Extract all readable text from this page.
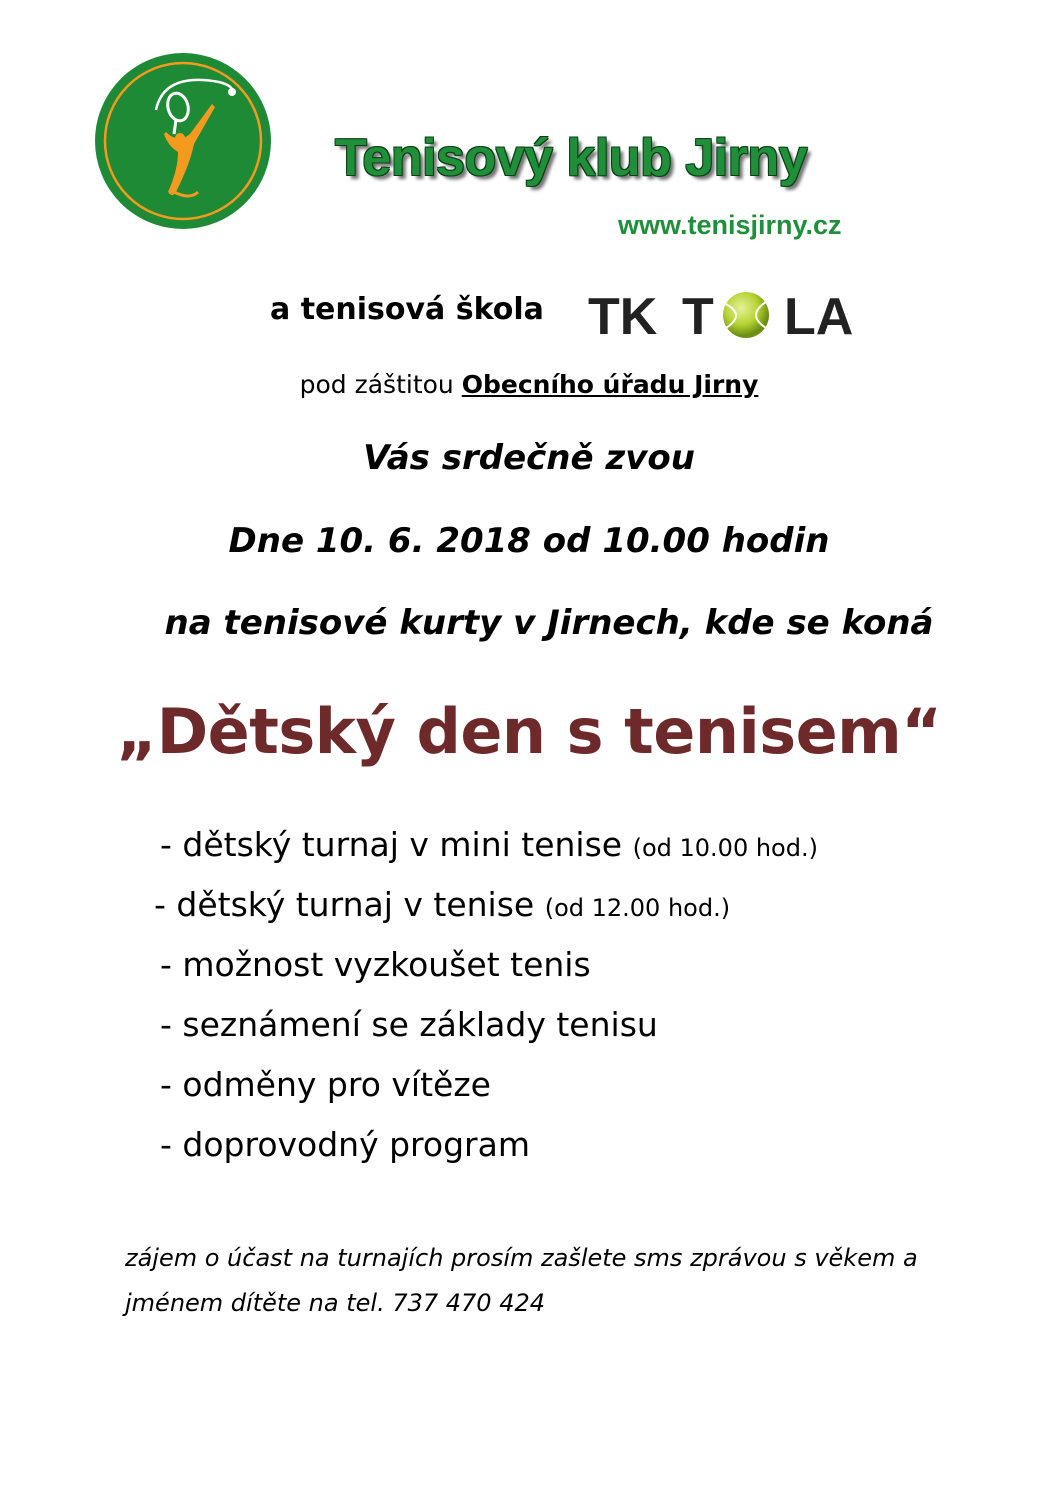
Tenisový klub Jirny
www.tenisjirny.cz
a tenisová škola TK T LA
pod záštitou Obecního úřadu Jirny
Vás srdečně zvou
Dne 10. 6. 2018 od 10.00 hodin
na tenisové kurty v Jirnech, kde se koná
„Dětský den s tenisem“
- dětský turnaj v mini tenise (od 10.00 hod.)
- dětský turnaj v tenise (od 12.00 hod.)
- možnost vyzkoušet tenis
- seznámení se základy tenisu
- odměny pro vítěze
- doprovodný program
zájem o účast na turnajích prosím zašlete sms zprávou s věkem a jménem dítěte na tel. 737 470 424
